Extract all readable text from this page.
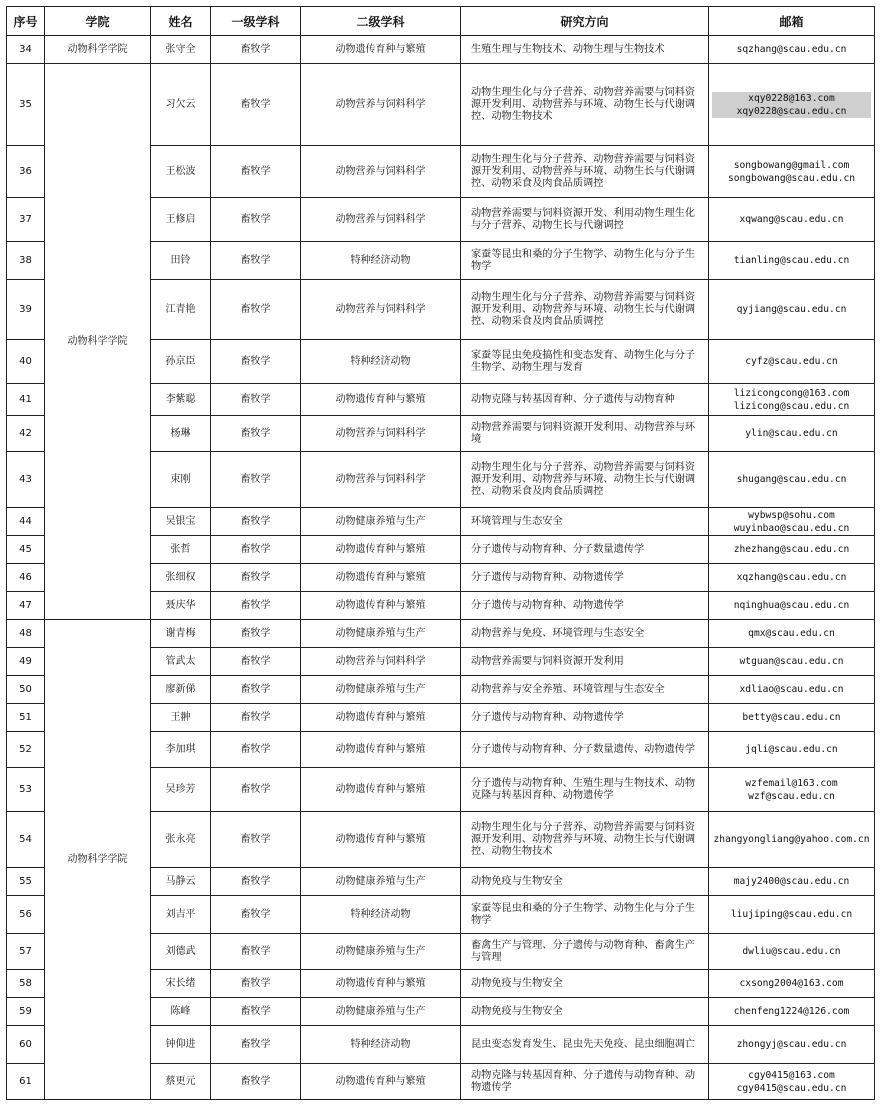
序号	学院	姓名	一级学科	二级学科	研究方向	邮箱
34	动物科学学院	张守全	畜牧学	动物遗传育种与繁殖	生殖生理与生物技术、动物生理与生物技术	sqzhang@scau.edu.cn

35	动物科学学院	习欠云	畜牧学	动物营养与饲料科学	动物生理生化与分子营养、动物营养需要与饲料资源开发利用、动物营养与环境、动物生长与代谢调控、动物生物技术	xqy0228@163.com
xqy0228@scau.edu.cn

36		王松波	畜牧学	动物营养与饲料科学	动物生理生化与分子营养、动物营养需要与饲料资源开发利用、动物营养与环境、动物生长与代谢调控、动物采食及肉食品质调控	songbowang@gmail.com
songbowang@scau.edu.cn

37		王修启	畜牧学	动物营养与饲料科学	动物营养需要与饲料资源开发、利用动物生理生化与分子营养、动物生长与代谢调控	xqwang@scau.edu.cn

38		田铃	畜牧学	特种经济动物	家蚕等昆虫和桑的分子生物学、动物生化与分子生物学	tianling@scau.edu.cn

39		江青艳	畜牧学	动物营养与饲料科学	动物生理生化与分子营养、动物营养需要与饲料资源开发利用、动物营养与环境、动物生长与代谢调控、动物采食及肉食品质调控	qyjiang@scau.edu.cn

40		孙京臣	畜牧学	特种经济动物	家蚕等昆虫免疫搞性和变态发育、动物生化与分子生物学、动物生理与发育	cyfz@scau.edu.cn

41		李紫聪	畜牧学	动物遗传育种与繁殖	动物克隆与转基因育种、分子遗传与动物育种	lizicongcong@163.com
lizicong@scau.edu.cn

42		杨琳	畜牧学	动物营养与饲料科学	动物营养需要与饲料资源开发利用、动物营养与环境	ylin@scau.edu.cn

43		束刚	畜牧学	动物营养与饲料科学	动物生理生化与分子营养、动物营养需要与饲料资源开发利用、动物营养与环境、动物生长与代谢调控、动物采食及肉食品质调控	shugang@scau.edu.cn

44		吴银宝	畜牧学	动物健康养殖与生产	环境管理与生态安全	wybwsp@sohu.com
wuyinbao@scau.edu.cn

45		张哲	畜牧学	动物遗传育种与繁殖	分子遗传与动物育种、分子数量遗传学	zhezhang@scau.edu.cn

46		张细权	畜牧学	动物遗传育种与繁殖	分子遗传与动物育种、动物遗传学	xqzhang@scau.edu.cn

47		聂庆华	畜牧学	动物遗传育种与繁殖	分子遗传与动物育种、动物遗传学	nqinghua@scau.edu.cn

48	动物科学学院	谢青梅	畜牧学	动物健康养殖与生产	动物营养与免疫、环境管理与生态安全	qmx@scau.edu.cn

49		管武太	畜牧学	动物营养与饲料科学	动物营养需要与饲料资源开发利用	wtguan@scau.edu.cn

50		廖新俤	畜牧学	动物健康养殖与生产	动物营养与安全养殖、环境管理与生态安全	xdliao@scau.edu.cn

51		王翀	畜牧学	动物遗传育种与繁殖	分子遗传与动物育种、动物遗传学	betty@scau.edu.cn

52		李加琪	畜牧学	动物遗传育种与繁殖	分子遗传与动物育种、分子数量遗传、动物遗传学	jqli@scau.edu.cn

53		吴珍芳	畜牧学	动物遗传育种与繁殖	分子遗传与动物育种、生殖生理与生物技术、动物克隆与转基因育种、动物遗传学	wzfemail@163.com
wzf@scau.edu.cn

54		张永亮	畜牧学	动物遗传育种与繁殖	动物生理生化与分子营养、动物营养需要与饲料资源开发利用、动物营养与环境、动物生长与代谢调控、动物生物技术	zhangyongliang@yahoo.com.cn

55		马静云	畜牧学	动物健康养殖与生产	动物免疫与生物安全	majy2400@scau.edu.cn

56		刘吉平	畜牧学	特种经济动物	家蚕等昆虫和桑的分子生物学、动物生化与分子生物学	liujiping@scau.edu.cn

57		刘德武	畜牧学	动物健康养殖与生产	畜禽生产与管理、分子遗传与动物育种、畜禽生产与管理	dwliu@scau.edu.cn

58		宋长绪	畜牧学	动物遗传育种与繁殖	动物免疫与生物安全	cxsong2004@163.com

59		陈峰	畜牧学	动物健康养殖与生产	动物免疫与生物安全	chenfeng1224@126.com

60		钟仰进	畜牧学	特种经济动物	昆虫变态发育发生、昆虫先天免疫、昆虫细胞凋亡	zhongyj@scau.edu.cn

61		蔡更元	畜牧学	动物遗传育种与繁殖	动物克隆与转基因育种、分子遗传与动物育种、动物遗传学	cgy0415@163.com
cgy0415@scau.edu.cn
